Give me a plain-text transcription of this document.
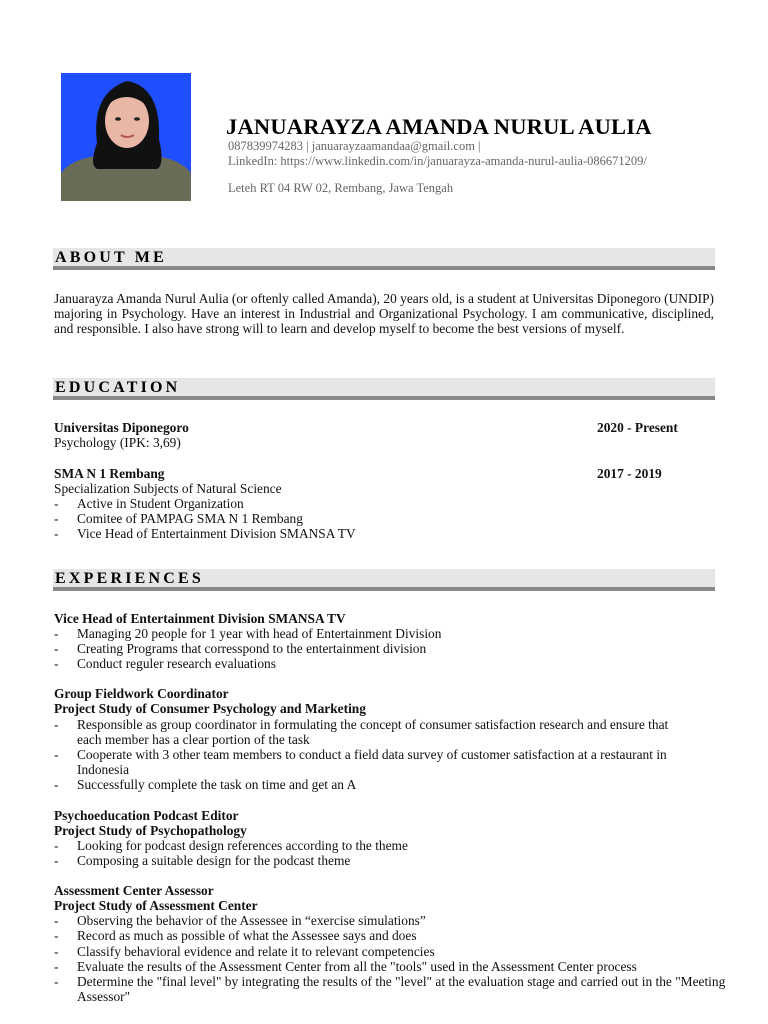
JANUARAYZA AMANDA NURUL AULIA
087839974283 | januarayzaamandaa@gmail.com |
LinkedIn: https://www.linkedin.com/in/januarayza-amanda-nurul-aulia-086671209/
Leteh RT 04 RW 02, Rembang, Jawa Tengah
ABOUT ME
Januarayza Amanda Nurul Aulia (or oftenly called Amanda), 20 years old, is a student at Universitas Diponegoro (UNDIP) majoring in Psychology. Have an interest in Industrial and Organizational Psychology. I am communicative, disciplined, and responsible. I also have strong will to learn and develop myself to become the best versions of myself.
EDUCATION
Universitas Diponegoro	2020 - Present
Psychology (IPK: 3,69)
SMA N 1 Rembang	2017 - 2019
Specialization Subjects of Natural Science
- Active in Student Organization
- Comitee of PAMPAG SMA N 1 Rembang
- Vice Head of Entertainment Division SMANSA TV
EXPERIENCES
Vice Head of Entertainment Division SMANSA TV
- Managing 20 people for 1 year with head of Entertainment Division
- Creating Programs that corresspond to the entertainment division
- Conduct reguler research evaluations
Group Fieldwork Coordinator
Project Study of Consumer Psychology and Marketing
- Responsible as group coordinator in formulating the concept of consumer satisfaction research and ensure that each member has a clear portion of the task
- Cooperate with 3 other team members to conduct a field data survey of customer satisfaction at a restaurant in Indonesia
- Successfully complete the task on time and get an A
Psychoeducation Podcast Editor
Project Study of Psychopathology
- Looking for podcast design references according to the theme
- Composing a suitable design for the podcast theme
Assessment Center Assessor
Project Study of Assessment Center
- Observing the behavior of the Assessee in “exercise simulations”
- Record as much as possible of what the Assessee says and does
- Classify behavioral evidence and relate it to relevant competencies
- Evaluate the results of the Assessment Center from all the "tools" used in the Assessment Center process
- Determine the "final level" by integrating the results of the "level" at the evaluation stage and carried out in the "Meeting Assessor"
